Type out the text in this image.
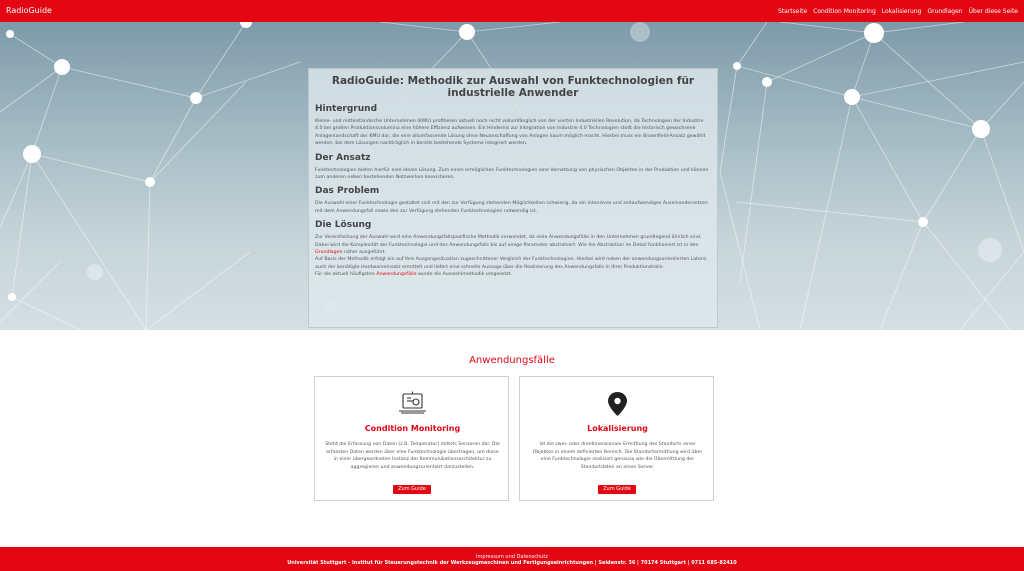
RadioGuide	Startseite Condition Monitoring Lokalisierung Grundlagen Über diese Seite
RadioGuide: Methodik zur Auswahl von Funktechnologien für industrielle Anwender
Hintergrund

Kleine- und mittelständische Unternehmen (KMU) profitieren aktuell noch nicht vollumfänglich von der vierten Industriellen Revolution, da Technologien der Industrie 4.0 bei großen Produktionsvolumina eine höhere Effizienz aufweisen. Ein Hindernis zur Integration von Industrie 4.0 Technologien stellt die historisch gewachsene Anlagenlandschaft der KMU dar, die eine allumfassende Lösung ohne Neuanschaffung von Anlagen kaum möglich macht. Hierbei muss ein Brownfield-Ansatz gewählt werden, bei dem Lösungen nachträglich in bereits bestehende Systeme integriert werden.

Der Ansatz

Funktechnologien bieten hierfür eine ideale Lösung. Zum einen ermöglichen Funktechnologien eine Vernetzung von physischen Objekten in der Produktion und können zum anderen neben bestehenden Netzwerken koexistieren.

Das Problem

Die Auswahl einer Funktechnologie gestaltet sich mit den zur Verfügung stehenden Möglichkeiten schwierig, da ein intensives und zeitaufwendiges Auseinandersetzen mit dem Anwendungsfall sowie den zur Verfügung stehenden Funktechnologien notwendig ist.

Die Lösung

Zur Vereinfachung der Auswahl wird eine Anwendungsfallspezifische Methodik verwendet, da viele Anwendungsfälle in den Unternehmen grundlegend ähnlich sind. Dabei wird die Komplexität der Funktechnologie und des Anwendungsfalls bis auf einige Parameter abstrahiert. Wie die Abstraktion im Detail funktioniert ist in den Grundlagen näher ausgeführt.
Auf Basis der Methodik erfolgt ein auf Ihre Ausgangssituation zugeschnittener Vergleich der Funktechnologien. Hierbei wird neben der anwendungsorientierten Latenz auch der benötigte Hardwareeinsatz ermittelt und liefert eine schnelle Aussage über die Realisierung des Anwendungsfalls in Ihrer Produktionshalle.
Für die aktuell häufigsten Anwendungsfälle wurde die Auswahlmethodik umgesetzt.

Anwendungsfälle
Condition Monitoring
Steht die Erfassung von Daten (z.B. Temperatur) mittels Sensoren dar. Die erfassten Daten werden über eine Funktechnologie übertragen, um diese in einer übergeordneten Instanz der Kommunikationsarchitektur zu aggregieren und anwendungsorientiert darzustellen.
Zum Guide
Lokalisierung
Ist die zwei- oder dreidimensionale Ermittlung des Standorts eines Objektes in einem definierten Bereich. Die Standortermittlung wird über eine Funktechnologie realisiert genauso wie die Übermittlung der Standortdaten an einen Server.
Zum Guide
Impressum und Datenschutz
Universität Stuttgart - Institut für Steuerungstechnik der Werkzeugmaschinen und Fertigungseinrichtungen | Seidenstr. 36 | 70174 Stuttgart | 0711 685-82410
